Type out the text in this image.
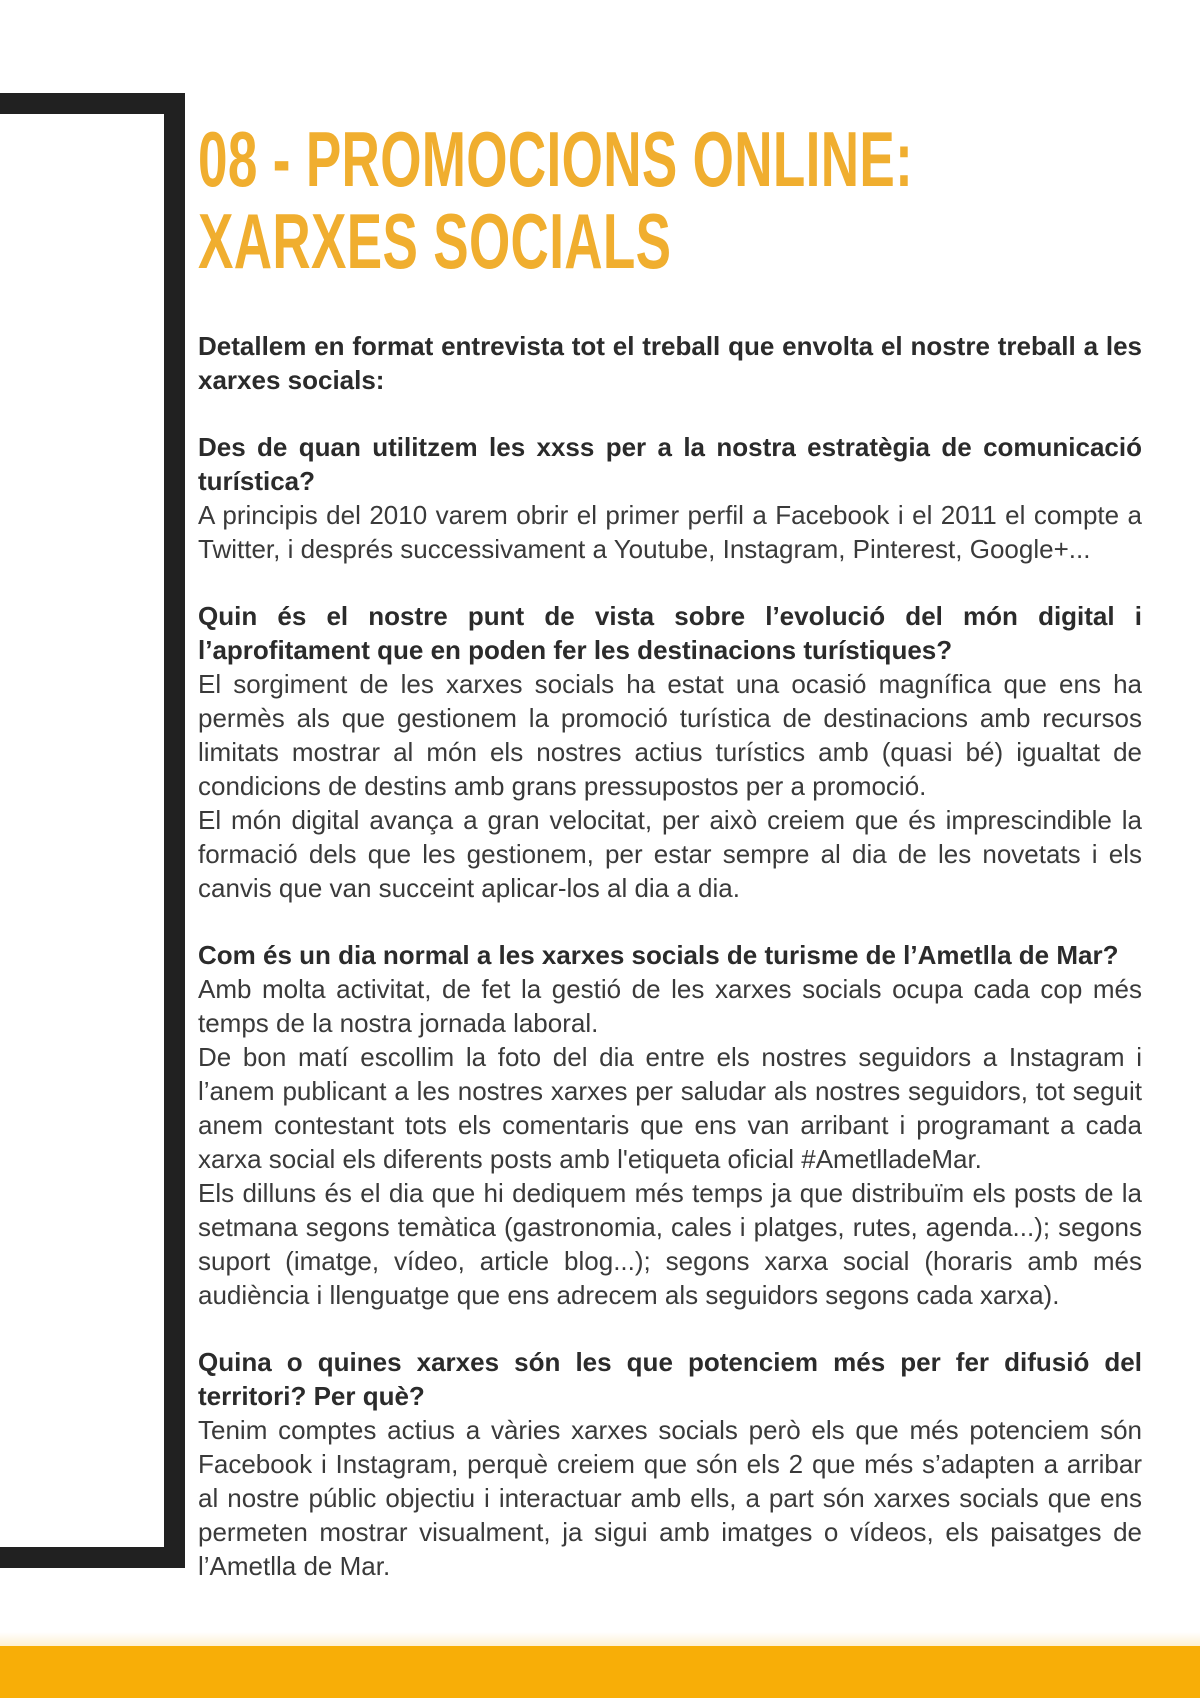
08 - PROMOCIONS ONLINE:
XARXES SOCIALS

Detallem en format entrevista tot el treball que envolta el nostre treball a les xarxes socials:

Des de quan utilitzem les xxss per a la nostra estratègia de comunicació turística?

A principis del 2010 varem obrir el primer perfil a Facebook i el 2011 el compte a Twitter, i després successivament a Youtube, Instagram, Pinterest, Google+...

Quin és el nostre punt de vista sobre l’evolució del món digital i l’aprofitament que en poden fer les destinacions turístiques?

El sorgiment de les xarxes socials ha estat una ocasió magnífica que ens ha permès als que gestionem la promoció turística de destinacions amb recursos limitats mostrar al món els nostres actius turístics amb (quasi bé) igualtat de condicions de destins amb grans pressupostos per a promoció.

El món digital avança a gran velocitat, per això creiem que és imprescindible la formació dels que les gestionem, per estar sempre al dia de les novetats i els canvis que van succeint aplicar-los al dia a dia.

Com és un dia normal a les xarxes socials de turisme de l’Ametlla de Mar?

Amb molta activitat, de fet la gestió de les xarxes socials ocupa cada cop més temps de la nostra jornada laboral.

De bon matí escollim la foto del dia entre els nostres seguidors a Instagram i l’anem publicant a les nostres xarxes per saludar als nostres seguidors, tot seguit anem contestant tots els comentaris que ens van arribant i programant a cada xarxa social els diferents posts amb l'etiqueta oficial #AmetlladeMar.

Els dilluns és el dia que hi dediquem més temps ja que distribuïm els posts de la setmana segons temàtica (gastronomia, cales i platges, rutes, agenda...); segons suport (imatge, vídeo, article blog...); segons xarxa social (horaris amb més audiència i llenguatge que ens adrecem als seguidors segons cada xarxa).

Quina o quines xarxes són les que potenciem més per fer difusió del territori? Per què?

Tenim comptes actius a vàries xarxes socials però els que més potenciem són Facebook i Instagram, perquè creiem que són els 2 que més s’adapten a arribar al nostre públic objectiu i interactuar amb ells, a part són xarxes socials que ens permeten mostrar visualment, ja sigui amb imatges o vídeos, els paisatges de l’Ametlla de Mar.
